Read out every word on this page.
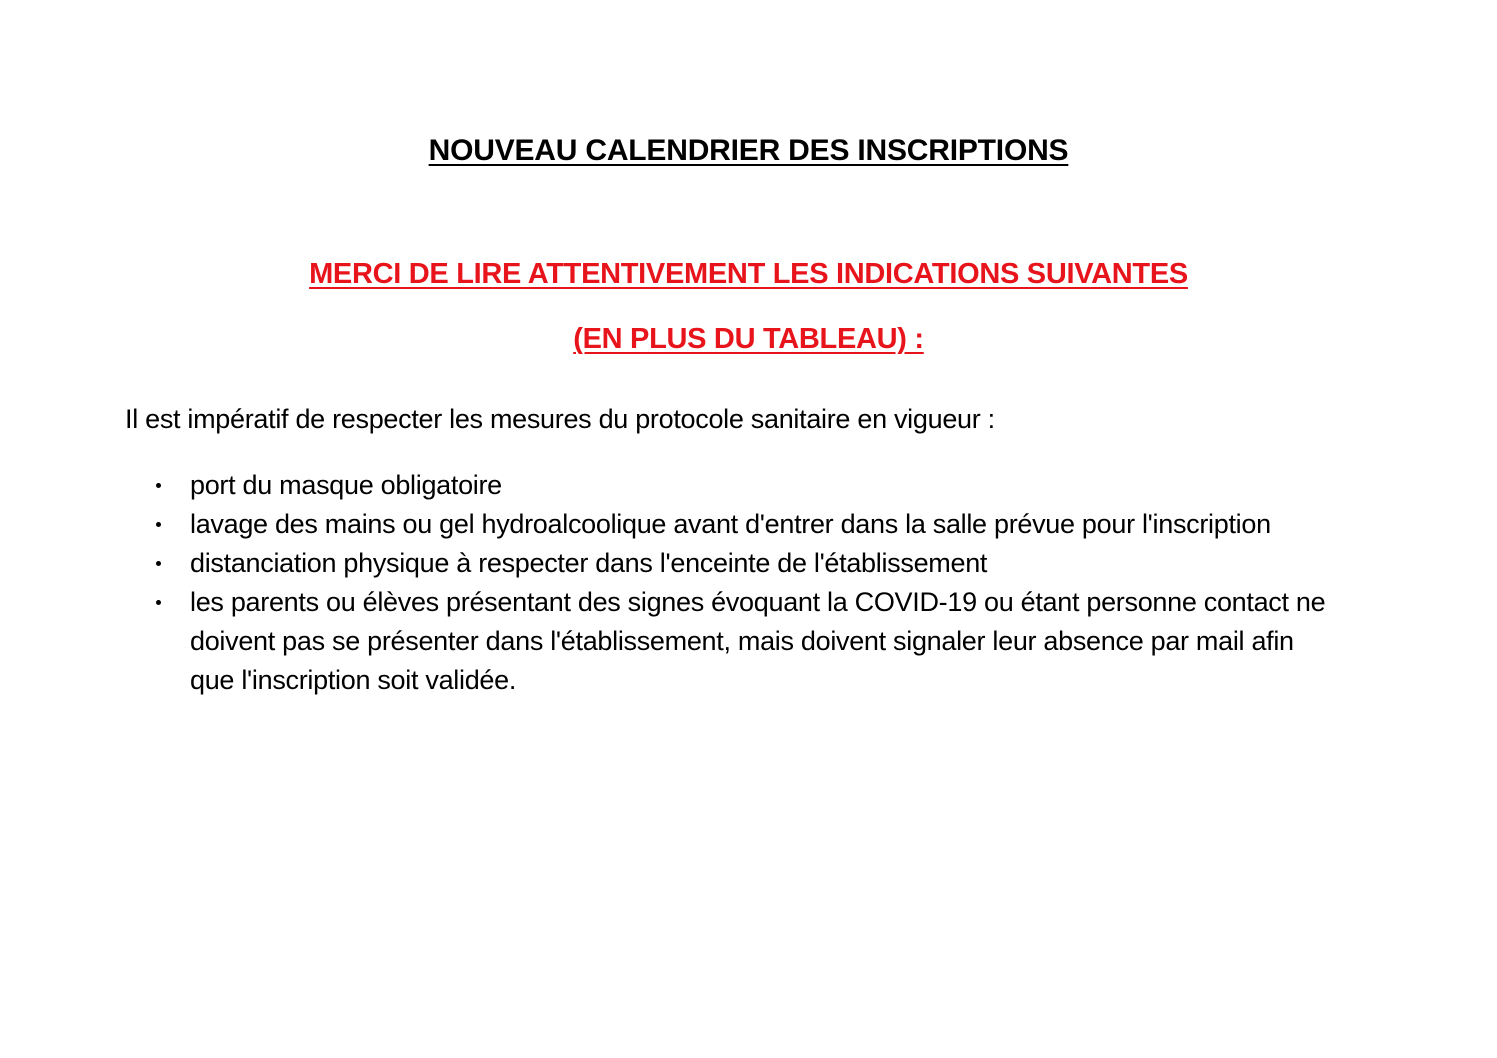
NOUVEAU CALENDRIER DES INSCRIPTIONS
MERCI DE LIRE ATTENTIVEMENT LES INDICATIONS SUIVANTES
(EN PLUS DU TABLEAU) :
Il est impératif de respecter les mesures du protocole sanitaire en vigueur :
port du masque obligatoire
lavage des mains ou gel hydroalcoolique avant d'entrer dans la salle prévue pour l'inscription
distanciation physique à respecter dans l'enceinte de l'établissement
les parents ou élèves présentant des signes évoquant la COVID-19 ou étant personne contact ne doivent pas se présenter dans l'établissement, mais doivent signaler leur absence par mail afin que l'inscription soit validée.
